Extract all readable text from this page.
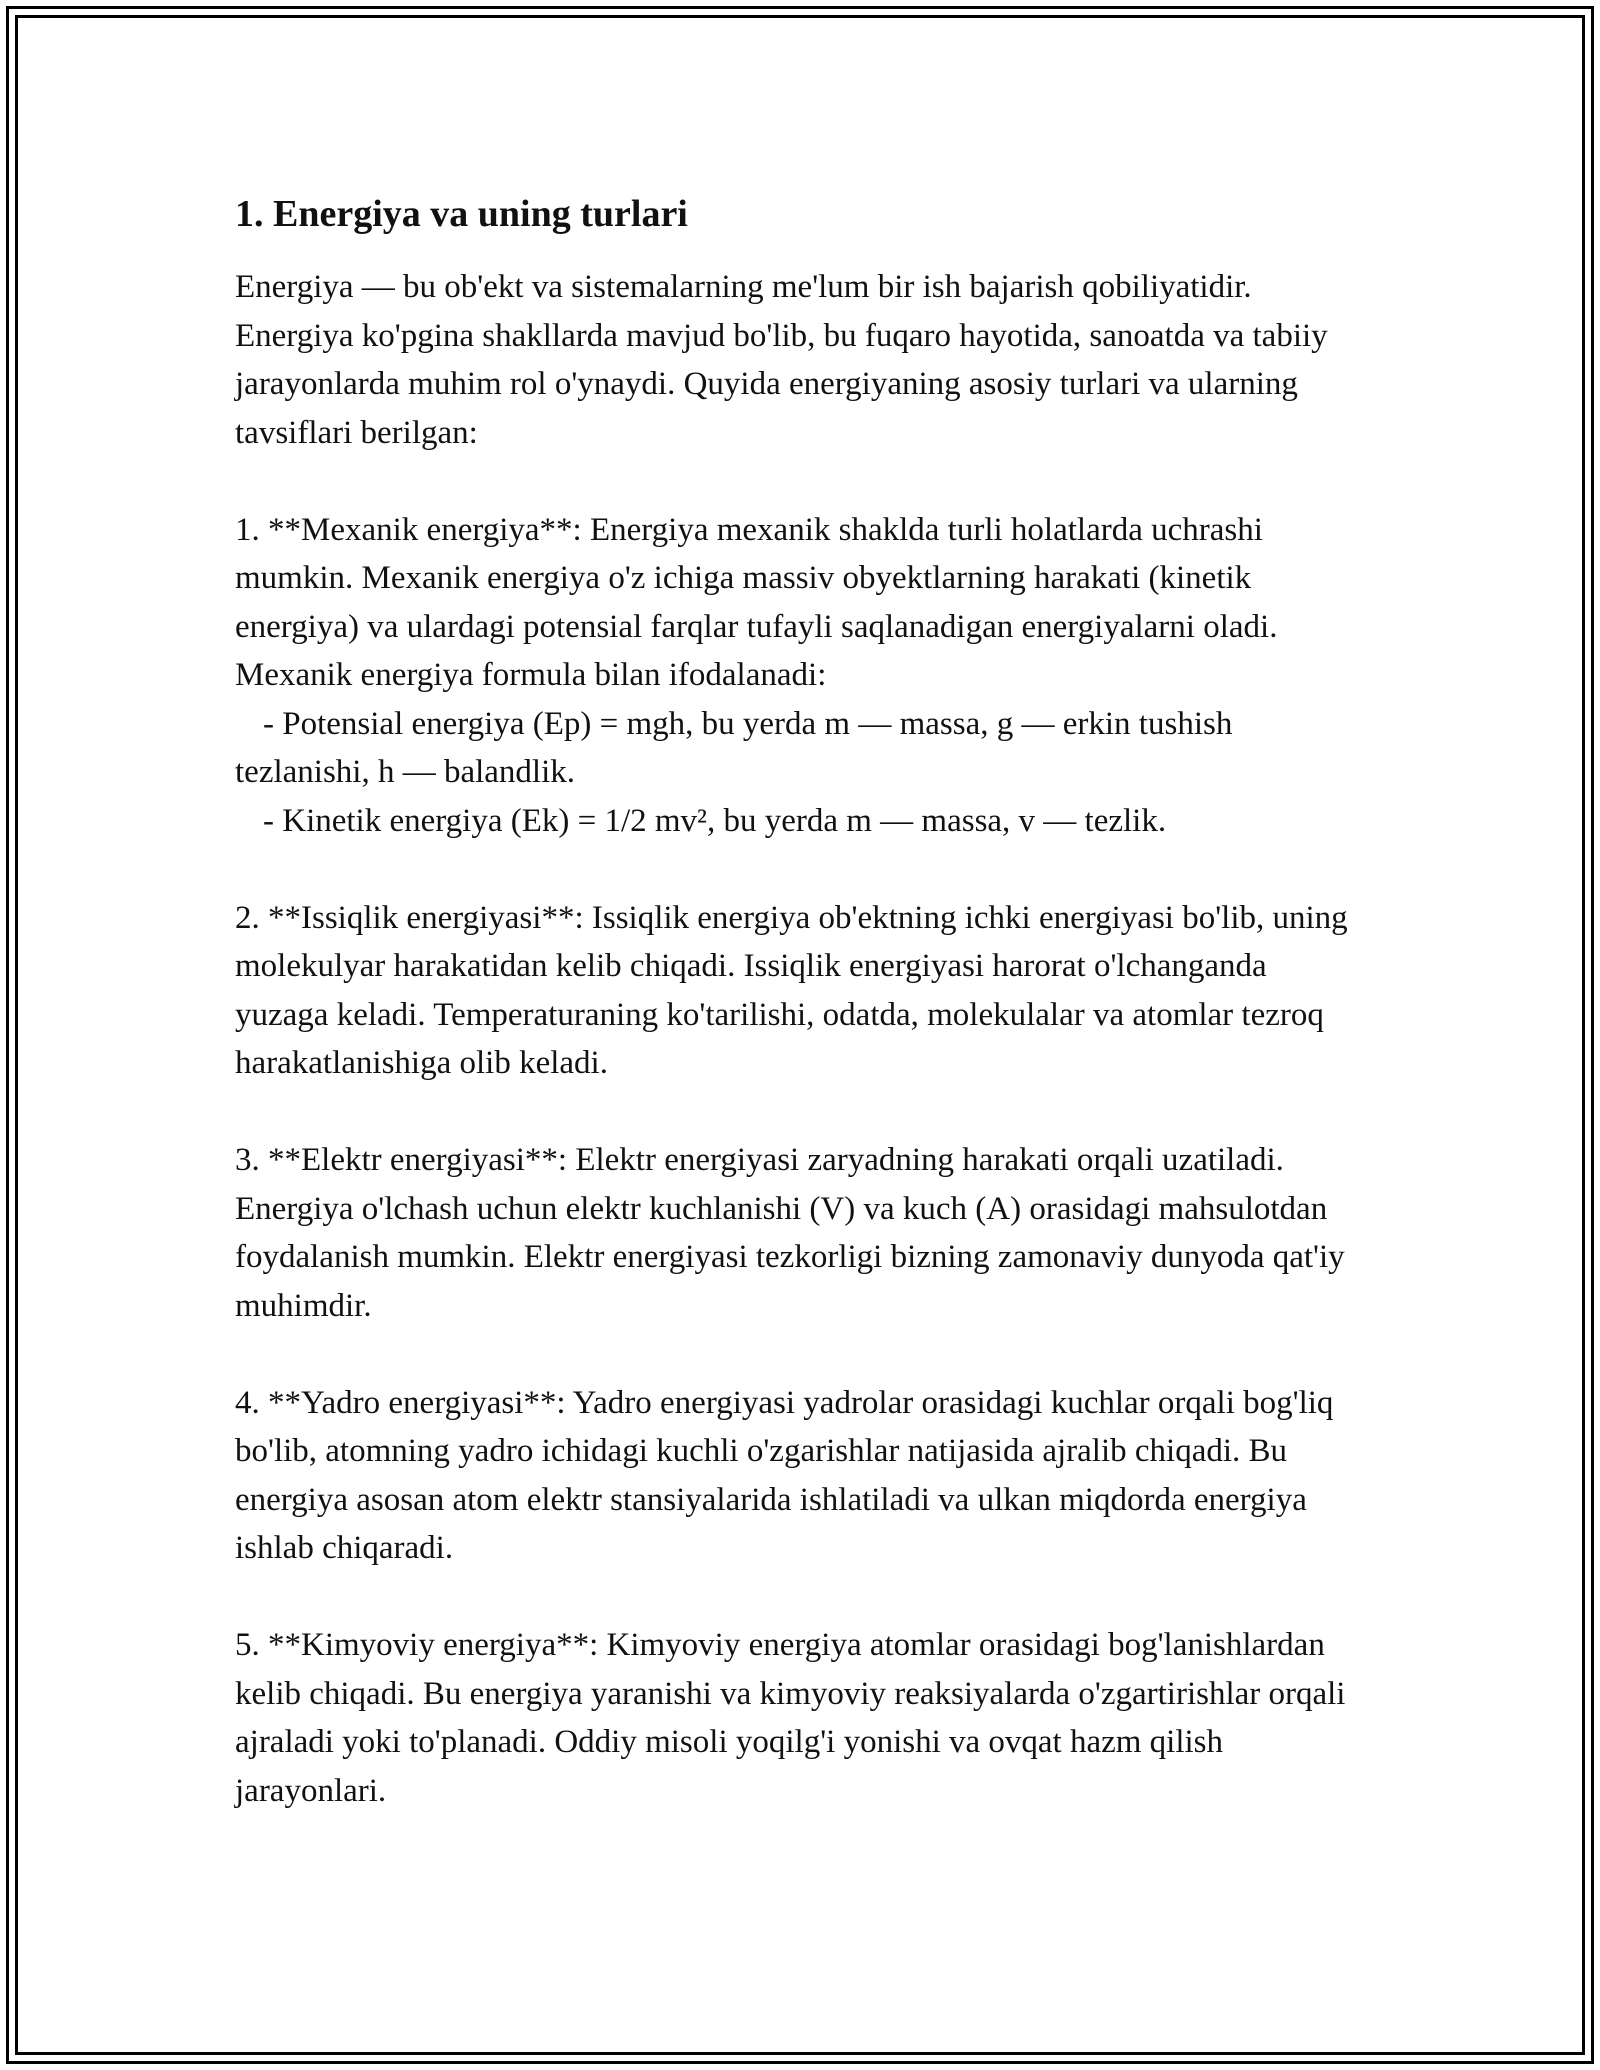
1. Energiya va uning turlari

Energiya — bu ob'ekt va sistemalarning me'lum bir ish bajarish qobiliyatidir. Energiya ko'pgina shakllarda mavjud bo'lib, bu fuqaro hayotida, sanoatda va tabiiy jarayonlarda muhim rol o'ynaydi. Quyida energiyaning asosiy turlari va ularning tavsiflari berilgan:

1. **Mexanik energiya**: Energiya mexanik shaklda turli holatlarda uchrashi mumkin. Mexanik energiya o'z ichiga massiv obyektlarning harakati (kinetik energiya) va ulardagi potensial farqlar tufayli saqlanadigan energiyalarni oladi. Mexanik energiya formula bilan ifodalanadi:

- Potensial energiya (Ep) = mgh, bu yerda m — massa, g — erkin tushish tezlanishi, h — balandlik.

- Kinetik energiya (Ek) = 1/2 mv², bu yerda m — massa, v — tezlik.

2. **Issiqlik energiyasi**: Issiqlik energiya ob'ektning ichki energiyasi bo'lib, uning molekulyar harakatidan kelib chiqadi. Issiqlik energiyasi harorat o'lchanganda yuzaga keladi. Temperaturaning ko'tarilishi, odatda, molekulalar va atomlar tezroq harakatlanishiga olib keladi.

3. **Elektr energiyasi**: Elektr energiyasi zaryadning harakati orqali uzatiladi. Energiya o'lchash uchun elektr kuchlanishi (V) va kuch (A) orasidagi mahsulotdan foydalanish mumkin. Elektr energiyasi tezkorligi bizning zamonaviy dunyoda qat'iy muhimdir.

4. **Yadro energiyasi**: Yadro energiyasi yadrolar orasidagi kuchlar orqali bog'liq bo'lib, atomning yadro ichidagi kuchli o'zgarishlar natijasida ajralib chiqadi. Bu energiya asosan atom elektr stansiyalarida ishlatiladi va ulkan miqdorda energiya ishlab chiqaradi.

5. **Kimyoviy energiya**: Kimyoviy energiya atomlar orasidagi bog'lanishlardan kelib chiqadi. Bu energiya yaranishi va kimyoviy reaksiyalarda o'zgartirishlar orqali ajraladi yoki to'planadi. Oddiy misoli yoqilg'i yonishi va ovqat hazm qilish jarayonlari.
